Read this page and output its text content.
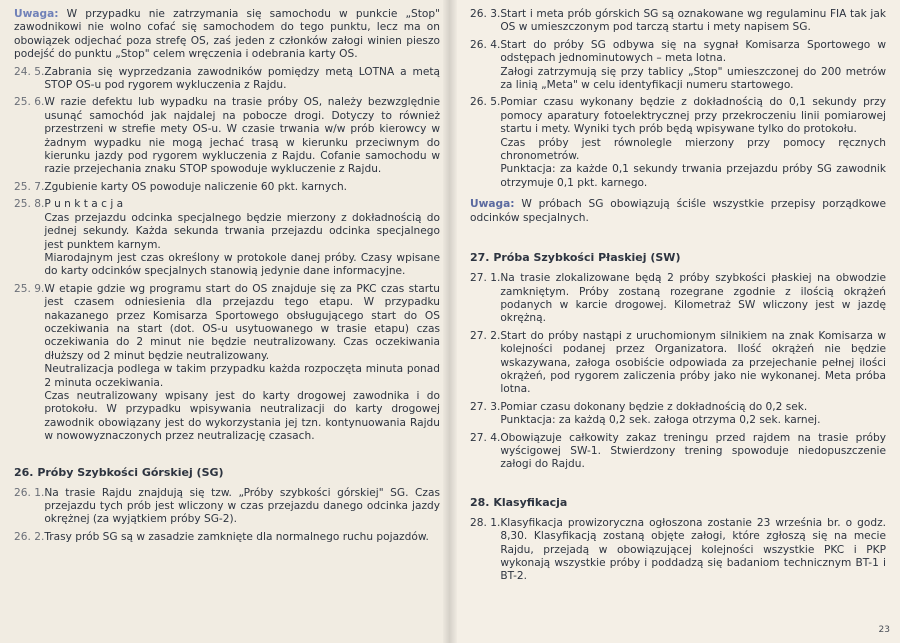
Uwaga: W przypadku nie zatrzymania się samochodu w punkcie „Stop" zawodnikowi nie wolno cofać się samochodem do tego punktu, lecz ma on obowiązek odjechać poza strefę OS, zaś jeden z członków załogi winien pieszo podejść do punktu „Stop" celem wręczenia i odebrania karty OS.

24. 5. Zabrania się wyprzedzania zawodników pomiędzy metą LOTNA a metą STOP OS-u pod rygorem wykluczenia z Rajdu.
25. 6. W razie defektu lub wypadku na trasie próby OS, należy bezwzględnie usunąć samochód jak najdalej na pobocze drogi. Dotyczy to również przestrzeni w strefie mety OS-u. W czasie trwania w/w prób kierowcy w żadnym wypadku nie mogą jechać trasą w kierunku przeciwnym do kierunku jazdy pod rygorem wykluczenia z Rajdu. Cofanie samochodu w razie przejechania znaku STOP spowoduje wykluczenie z Rajdu.
25. 7. Zgubienie karty OS powoduje naliczenie 60 pkt. karnych.
25. 8. P u n k t a c j a
Czas przejazdu odcinka specjalnego będzie mierzony z dokładnością do jednej sekundy. Każda sekunda trwania przejazdu odcinka specjalnego jest punktem karnym.
Miarodajnym jest czas określony w protokole danej próby. Czasy wpisane do karty odcinków specjalnych stanowią jedynie dane informacyjne.
25. 9. W etapie gdzie wg programu start do OS znajduje się za PKC czas startu jest czasem odniesienia dla przejazdu tego etapu. W przypadku nakazanego przez Komisarza Sportowego obsługującego start do OS oczekiwania na start (dot. OS-u usytuowanego w trasie etapu) czas oczekiwania do 2 minut nie będzie neutralizowany. Czas oczekiwania dłuższy od 2 minut będzie neutralizowany.
Neutralizacja podlega w takim przypadku każda rozpoczęta minuta ponad 2 minuta oczekiwania.
Czas neutralizowany wpisany jest do karty drogowej zawodnika i do protokołu. W przypadku wpisywania neutralizacji do karty drogowej zawodnik obowiązany jest do wykorzystania jej tzn. kontynuowania Rajdu w nowowyznaczonych przez neutralizację czasach.
26. Próby Szybkości Górskiej (SG)
26. 1. Na trasie Rajdu znajdują się tzw. „Próby szybkości górskiej" SG. Czas przejazdu tych prób jest wliczony w czas przejazdu danego odcinka jazdy okrężnej (za wyjątkiem próby SG-2).
26. 2. Trasy prób SG są w zasadzie zamknięte dla normalnego ruchu pojazdów.
26. 3. Start i meta prób górskich SG są oznakowane wg regulaminu FIA tak jak OS w umieszczonym pod tarczą startu i mety napisem SG.
26. 4. Start do próby SG odbywa się na sygnał Komisarza Sportowego w odstępach jednominutowych – meta lotna.
Załogi zatrzymują się przy tablicy „Stop" umieszczonej do 200 metrów za linią „Meta" w celu identyfikacji numeru startowego.
26. 5. Pomiar czasu wykonany będzie z dokładnością do 0,1 sekundy przy pomocy aparatury fotoelektrycznej przy przekroczeniu linii pomiarowej startu i mety. Wyniki tych prób będą wpisywane tylko do protokołu.
Czas próby jest równolegle mierzony przy pomocy ręcznych chronometrów.
Punktacja: za każde 0,1 sekundy trwania przejazdu próby SG zawodnik otrzymuje 0,1 pkt. karnego.

Uwaga: W próbach SG obowiązują ściśle wszystkie przepisy porządkowe odcinków specjalnych.

27. Próba Szybkości Płaskiej (SW)
27. 1. Na trasie zlokalizowane będą 2 próby szybkości płaskiej na obwodzie zamkniętym. Próby zostaną rozegrane zgodnie z ilością okrążeń podanych w karcie drogowej. Kilometraż SW wliczony jest w jazdę okrężną.
27. 2. Start do próby nastąpi z uruchomionym silnikiem na znak Komisarza w kolejności podanej przez Organizatora. Ilość okrążeń nie będzie wskazywana, załoga osobiście odpowiada za przejechanie pełnej ilości okrążeń, pod rygorem zaliczenia próby jako nie wykonanej. Meta próba lotna.
27. 3. Pomiar czasu dokonany będzie z dokładnością do 0,2 sek.
Punktacja: za każdą 0,2 sek. załoga otrzyma 0,2 sek. karnej.
27. 4. Obowiązuje całkowity zakaz treningu przed rajdem na trasie próby wyścigowej SW-1. Stwierdzony trening spowoduje niedopuszczenie załogi do Rajdu.
28. Klasyfikacja
28. 1. Klasyfikacja prowizoryczna ogłoszona zostanie 23 września br. o godz. 8,30. Klasyfikacją zostaną objęte załogi, które zgłoszą się na mecie Rajdu, przejadą w obowiązującej kolejności wszystkie PKC i PKP wykonają wszystkie próby i poddadzą się badaniom technicznym BT-1 i BT-2.
23
